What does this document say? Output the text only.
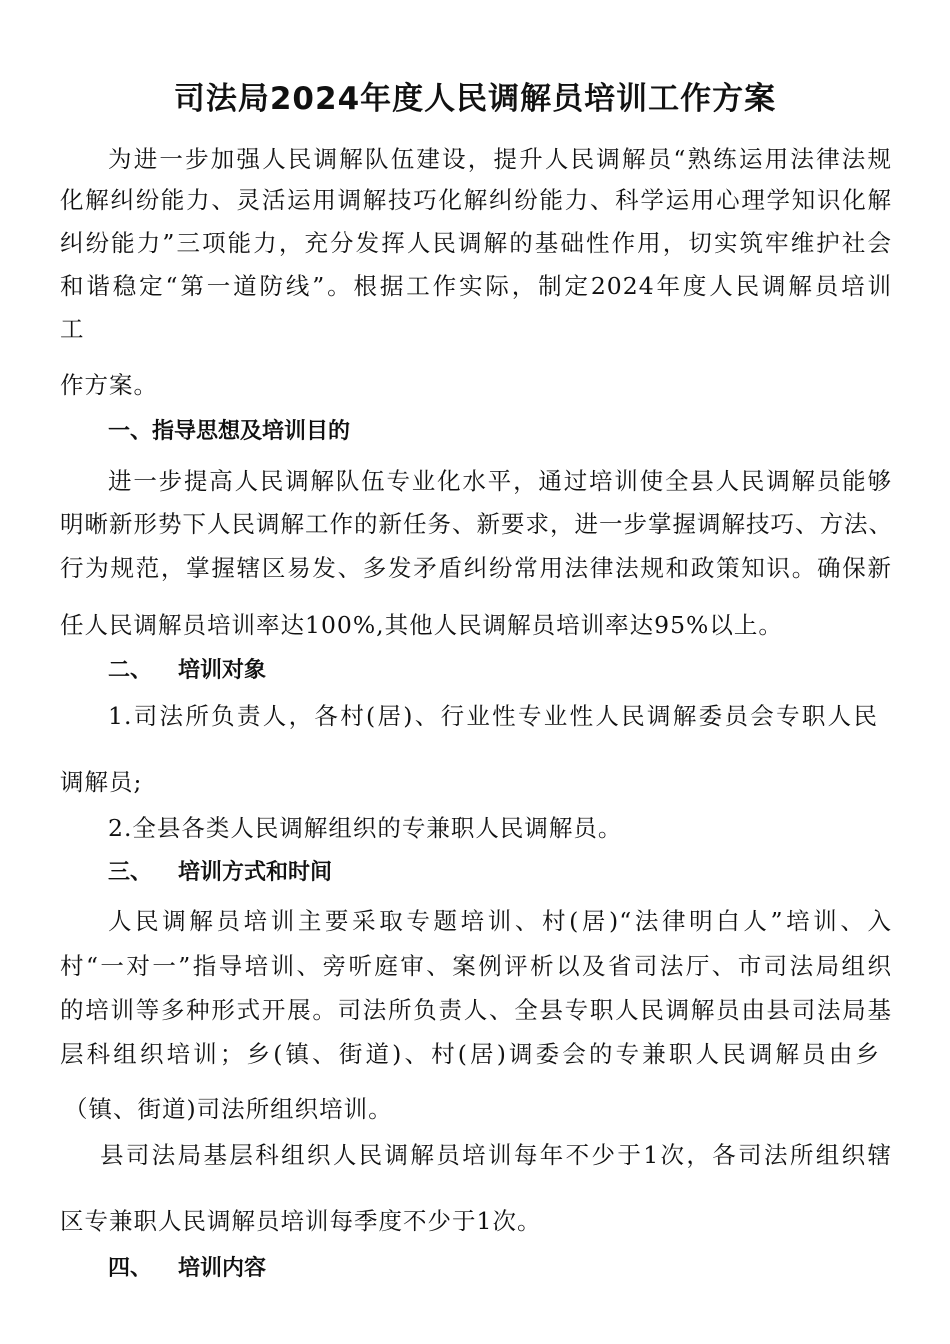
司法局2024年度人民调解员培训工作方案

为进一步加强人民调解队伍建设，提升人民调解员“熟练运用法律法规

化解纠纷能力、灵活运用调解技巧化解纠纷能力、科学运用心理学知识化解

纠纷能力”三项能力，充分发挥人民调解的基础性作用，切实筑牢维护社会

和谐稳定“第一道防线”。根据工作实际，制定2024年度人民调解员培训

工

作方案。

一、指导思想及培训目的

进一步提高人民调解队伍专业化水平，通过培训使全县人民调解员能够

明晰新形势下人民调解工作的新任务、新要求，进一步掌握调解技巧、方法、

行为规范，掌握辖区易发、多发矛盾纠纷常用法律法规和政策知识。确保新

任人民调解员培训率达100%,其他人民调解员培训率达95%以上。

二、 培训对象

1.司法所负责人，各村(居)、行业性专业性人民调解委员会专职人民

调解员;

2.全县各类人民调解组织的专兼职人民调解员。

三、 培训方式和时间

人民调解员培训主要采取专题培训、村(居)“法律明白人”培训、入

村“一对一”指导培训、旁听庭审、案例评析以及省司法厅、市司法局组织

的培训等多种形式开展。司法所负责人、全县专职人民调解员由县司法局基

层科组织培训；乡(镇、街道)、村(居)调委会的专兼职人民调解员由乡

（镇、街道)司法所组织培训。

县司法局基层科组织人民调解员培训每年不少于1次，各司法所组织辖

区专兼职人民调解员培训每季度不少于1次。

四、 培训内容
